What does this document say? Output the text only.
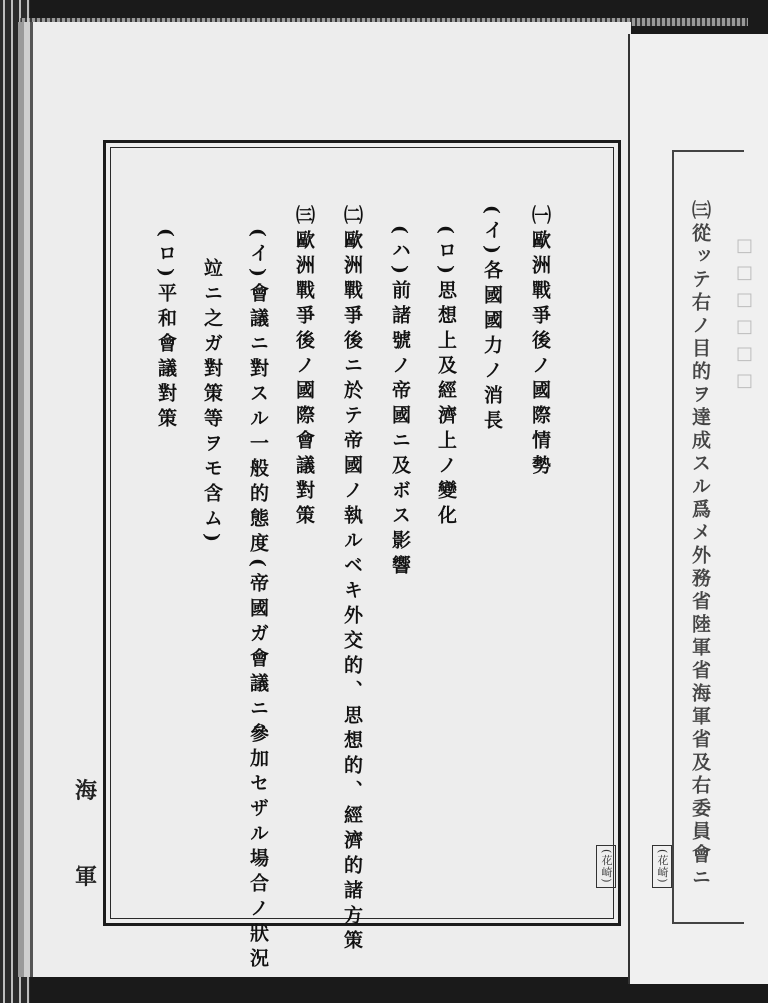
海
軍	㈢從ッテ右ノ目的ヲ達成スル爲メ外務省陸軍省海軍省及右委員會ニ
(花崎)
□□□□□□
(花崎)
㈠歐洲戰爭後ノ國際情勢
(イ)各國國力ノ消長
(ロ)思想上及經濟上ノ變化
(ハ)前諸號ノ帝國ニ及ボス影響
㈡歐洲戰爭後ニ於テ帝國ノ執ルベキ外交的、思想的、經濟的諸方策
㈢歐洲戰爭後ノ國際會議對策
(イ)會議ニ對スル一般的態度(帝國ガ會議ニ參加セザル場合ノ狀況
竝ニ之ガ對策等ヲモ含ム)
(ロ)平和會議對策
